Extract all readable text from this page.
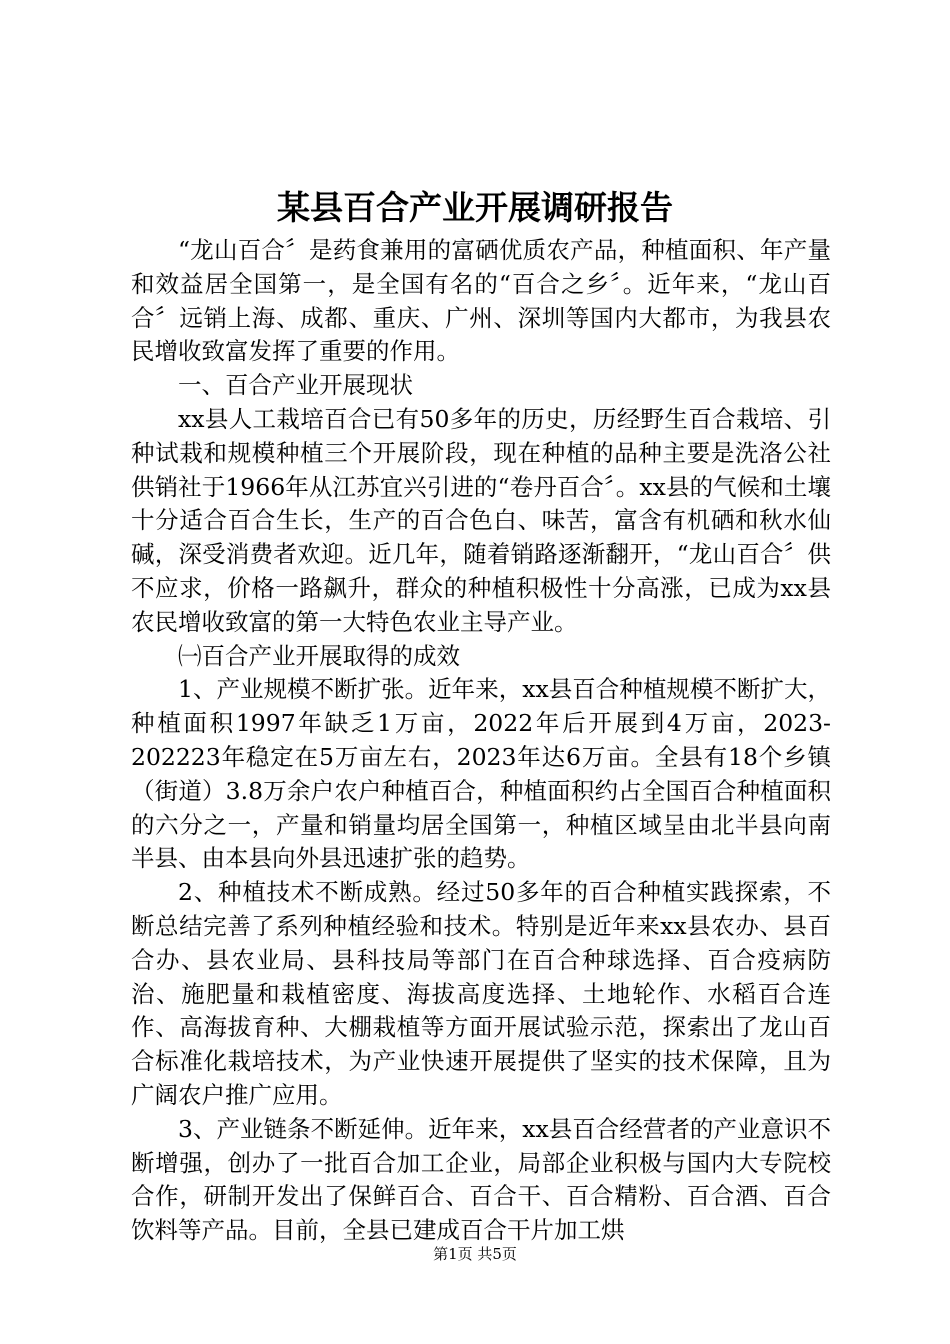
某县百合产业开展调研报告

“龙山百合〞是药食兼用的富硒优质农产品，种植面积、年产量和效益居全国第一，是全国有名的“百合之乡〞。近年来，“龙山百合〞远销上海、成都、重庆、广州、深圳等国内大都市，为我县农民增收致富发挥了重要的作用。

一、百合产业开展现状

xx县人工栽培百合已有50多年的历史，历经野生百合栽培、引种试栽和规模种植三个开展阶段，现在种植的品种主要是洗洛公社供销社于1966年从江苏宜兴引进的“卷丹百合〞。xx县的气候和土壤十分适合百合生长，生产的百合色白、味苦，富含有机硒和秋水仙碱，深受消费者欢迎。近几年，随着销路逐渐翻开，“龙山百合〞供不应求，价格一路飙升，群众的种植积极性十分高涨，已成为xx县农民增收致富的第一大特色农业主导产业。

㈠百合产业开展取得的成效

1、产业规模不断扩张。近年来，xx县百合种植规模不断扩大，种植面积1997年缺乏1万亩，2022年后开展到4万亩，2023-202223年稳定在5万亩左右，2023年达6万亩。全县有18个乡镇（街道）3.8万余户农户种植百合，种植面积约占全国百合种植面积的六分之一，产量和销量均居全国第一，种植区域呈由北半县向南半县、由本县向外县迅速扩张的趋势。

2、种植技术不断成熟。经过50多年的百合种植实践探索，不断总结完善了系列种植经验和技术。特别是近年来xx县农办、县百合办、县农业局、县科技局等部门在百合种球选择、百合疫病防治、施肥量和栽植密度、海拔高度选择、土地轮作、水稻百合连作、高海拔育种、大棚栽植等方面开展试验示范，探索出了龙山百合标准化栽培技术，为产业快速开展提供了坚实的技术保障，且为广阔农户推广应用。

3、产业链条不断延伸。近年来，xx县百合经营者的产业意识不断增强，创办了一批百合加工企业，局部企业积极与国内大专院校合作，研制开发出了保鲜百合、百合干、百合精粉、百合酒、百合饮料等产品。目前，全县已建成百合干片加工烘

第1页 共5页
